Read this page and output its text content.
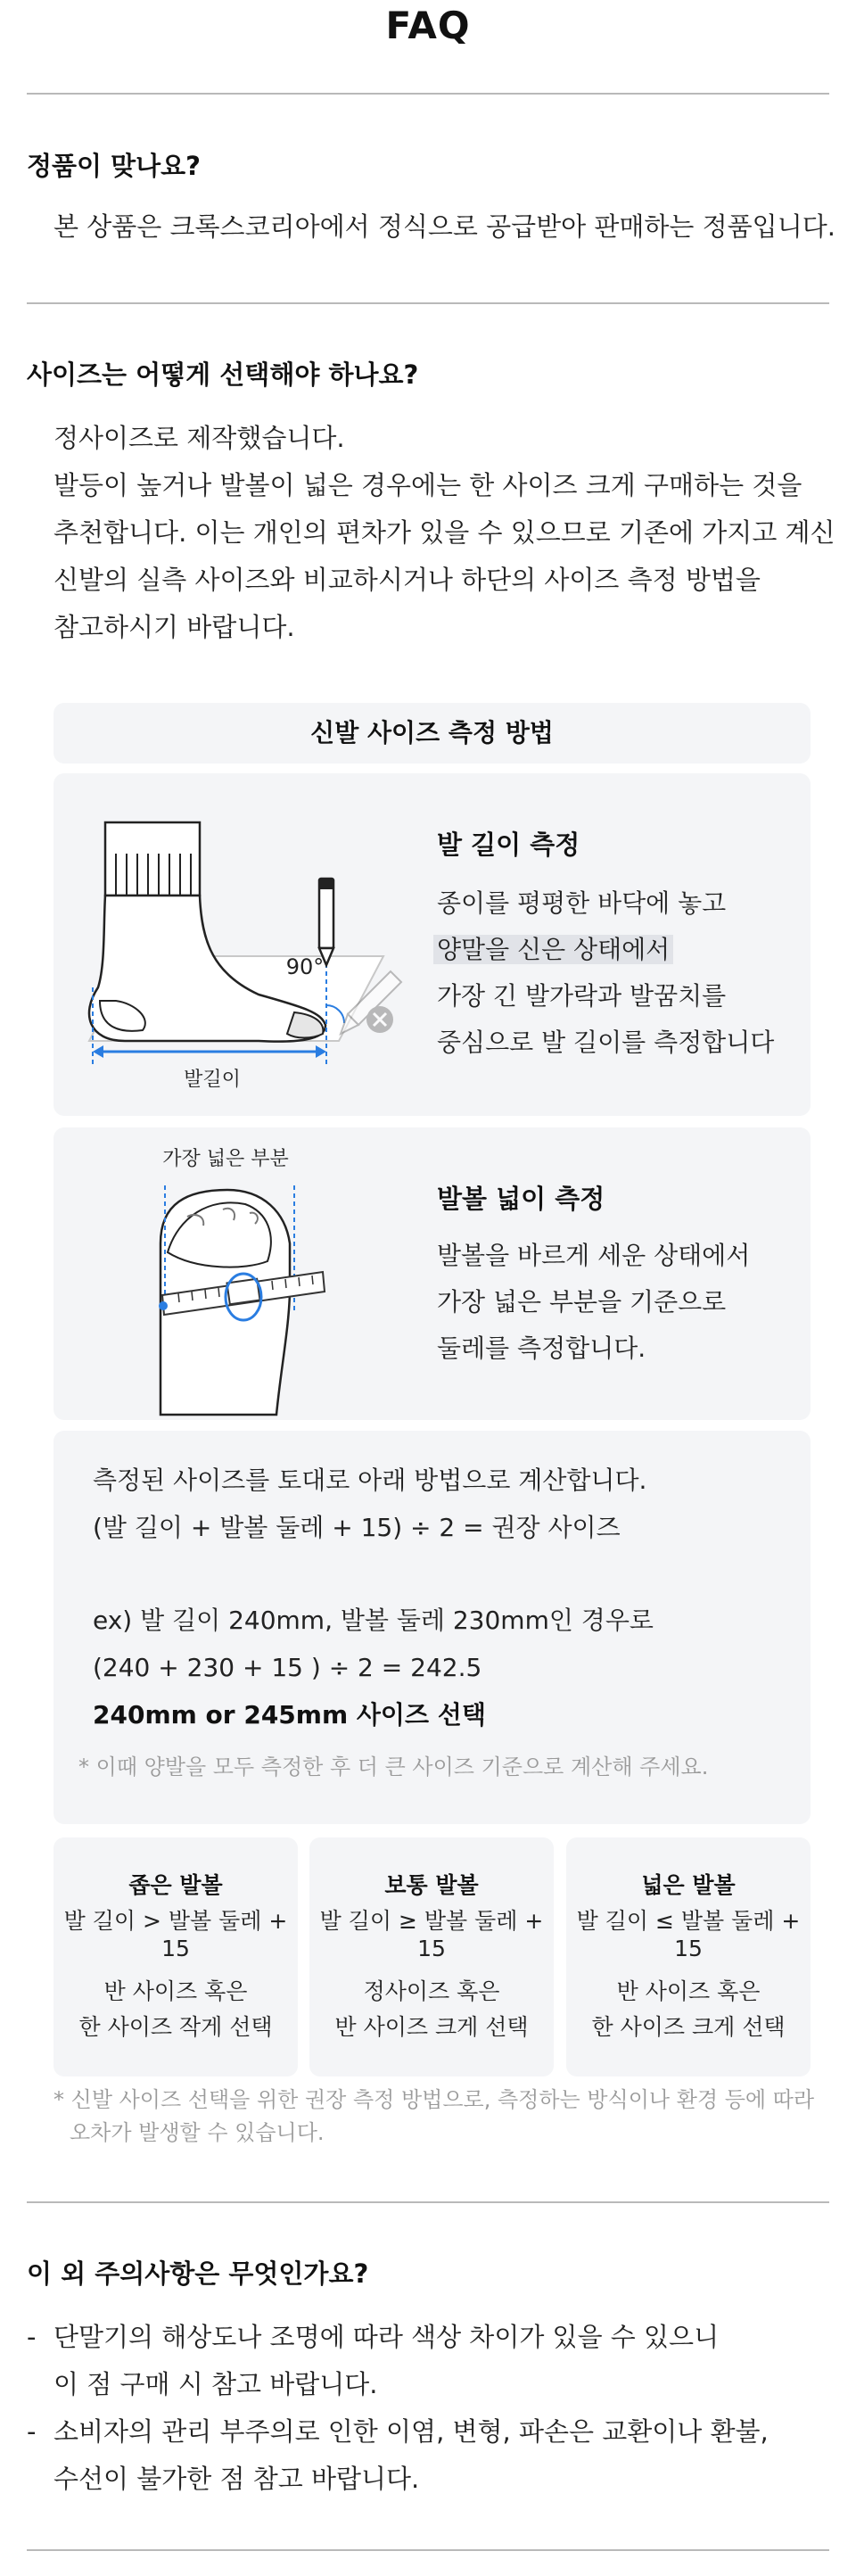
FAQ
정품이 맞나요?
본 상품은 크록스코리아에서 정식으로 공급받아 판매하는 정품입니다.
사이즈는 어떻게 선택해야 하나요?
정사이즈로 제작했습니다.
발등이 높거나 발볼이 넓은 경우에는 한 사이즈 크게 구매하는 것을
추천합니다. 이는 개인의 편차가 있을 수 있으므로 기존에 가지고 계신
신발의 실측 사이즈와 비교하시거나 하단의 사이즈 측정 방법을
참고하시기 바랍니다.
신발 사이즈 측정 방법
90°
발길이
발 길이 측정
종이를 평평한 바닥에 놓고
양말을 신은 상태에서
가장 긴 발가락과 발꿈치를
중심으로 발 길이를 측정합니다
가장 넓은 부분
발볼 넓이 측정
발볼을 바르게 세운 상태에서
가장 넓은 부분을 기준으로
둘레를 측정합니다.
측정된 사이즈를 토대로 아래 방법으로 계산합니다.
(발 길이 + 발볼 둘레 + 15) ÷ 2 = 권장 사이즈
ex) 발 길이 240mm, 발볼 둘레 230mm인 경우로
(240 + 230 + 15 ) ÷ 2 = 242.5
240mm or 245mm 사이즈 선택
* 이때 양발을 모두 측정한 후 더 큰 사이즈 기준으로 계산해 주세요.
좁은 발볼
발 길이 > 발볼 둘레 + 15
반 사이즈 혹은
한 사이즈 작게 선택
보통 발볼
발 길이 ≥ 발볼 둘레 + 15
정사이즈 혹은
반 사이즈 크게 선택
넓은 발볼
발 길이 ≤ 발볼 둘레 + 15
반 사이즈 혹은
한 사이즈 크게 선택
* 신발 사이즈 선택을 위한 권장 측정 방법으로, 측정하는 방식이나 환경 등에 따라
오차가 발생할 수 있습니다.
이 외 주의사항은 무엇인가요?
- 단말기의 해상도나 조명에 따라 색상 차이가 있을 수 있으니
이 점 구매 시 참고 바랍니다.
- 소비자의 관리 부주의로 인한 이염, 변형, 파손은 교환이나 환불,
수선이 불가한 점 참고 바랍니다.
